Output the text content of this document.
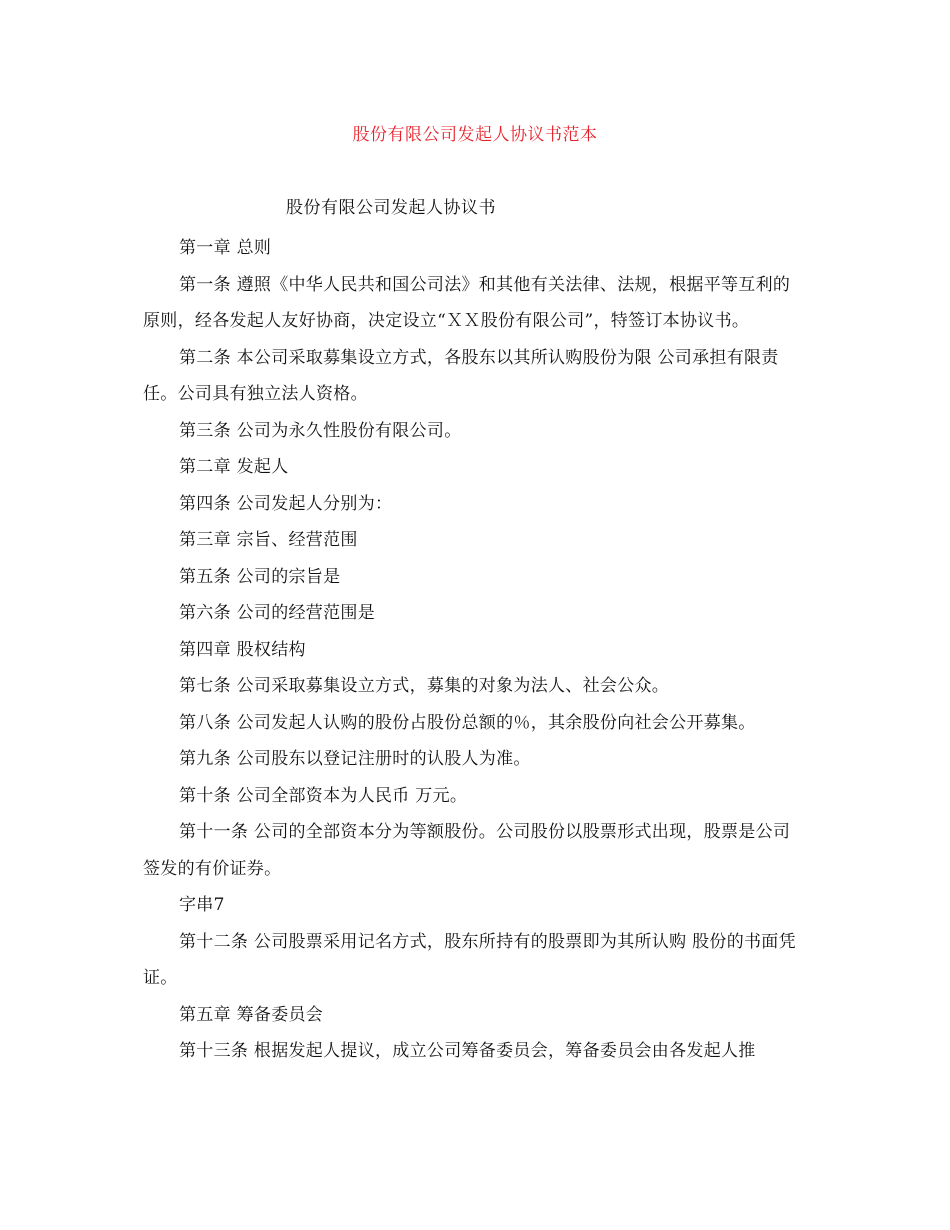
股份有限公司发起人协议书范本
股份有限公司发起人协议书

第一章 总则

第一条 遵照《中华人民共和国公司法》和其他有关法律、法规，根据平等互利的原则，经各发起人友好协商，决定设立“ＸＸ股份有限公司”，特签订本协议书。

第二条 本公司采取募集设立方式，各股东以其所认购股份为限 公司承担有限责任。公司具有独立法人资格。

第三条 公司为永久性股份有限公司。

第二章 发起人

第四条 公司发起人分别为：

第三章 宗旨、经营范围

第五条 公司的宗旨是

第六条 公司的经营范围是

第四章 股权结构

第七条 公司采取募集设立方式，募集的对象为法人、社会公众。

第八条 公司发起人认购的股份占股份总额的％，其余股份向社会公开募集。

第九条 公司股东以登记注册时的认股人为准。

第十条 公司全部资本为人民币 万元。

第十一条 公司的全部资本分为等额股份。公司股份以股票形式出现，股票是公司签发的有价证券。

字串7

第十二条 公司股票采用记名方式，股东所持有的股票即为其所认购 股份的书面凭证。

第五章 筹备委员会

第十三条 根据发起人提议，成立公司筹备委员会，筹备委员会由各发起人推
